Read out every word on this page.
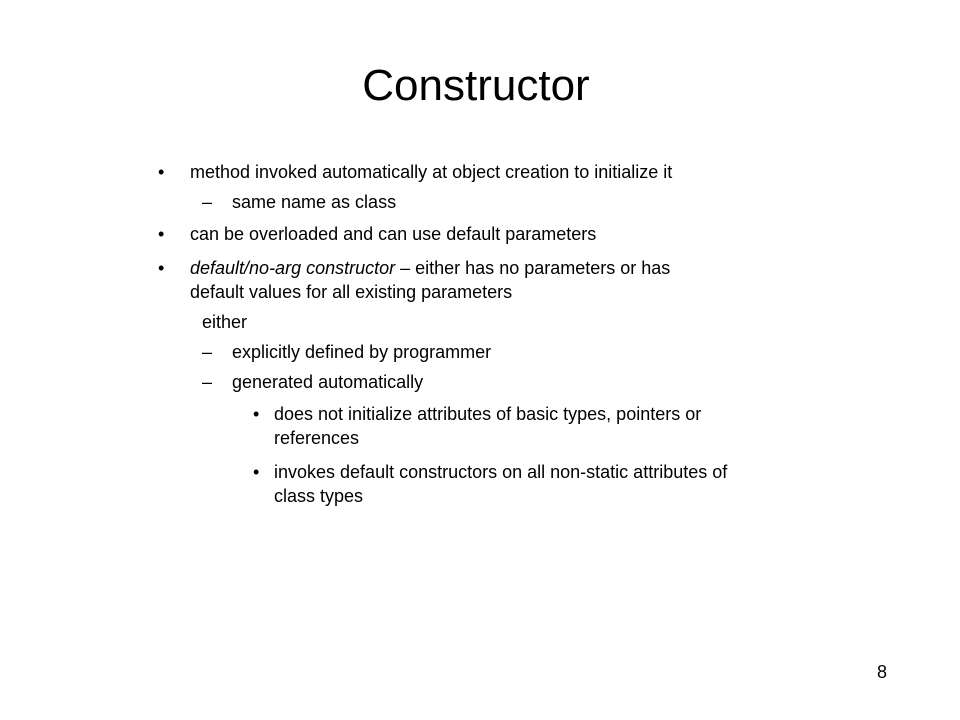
Constructor
• method invoked automatically at object creation to initialize it
– same name as class
• can be overloaded and can use default parameters
• default/no-arg constructor – either has no parameters or has
default values for all existing parameters
either
– explicitly defined by programmer
– generated automatically
• does not initialize attributes of basic types, pointers or
references
• invokes default constructors on all non-static attributes of
class types
8
